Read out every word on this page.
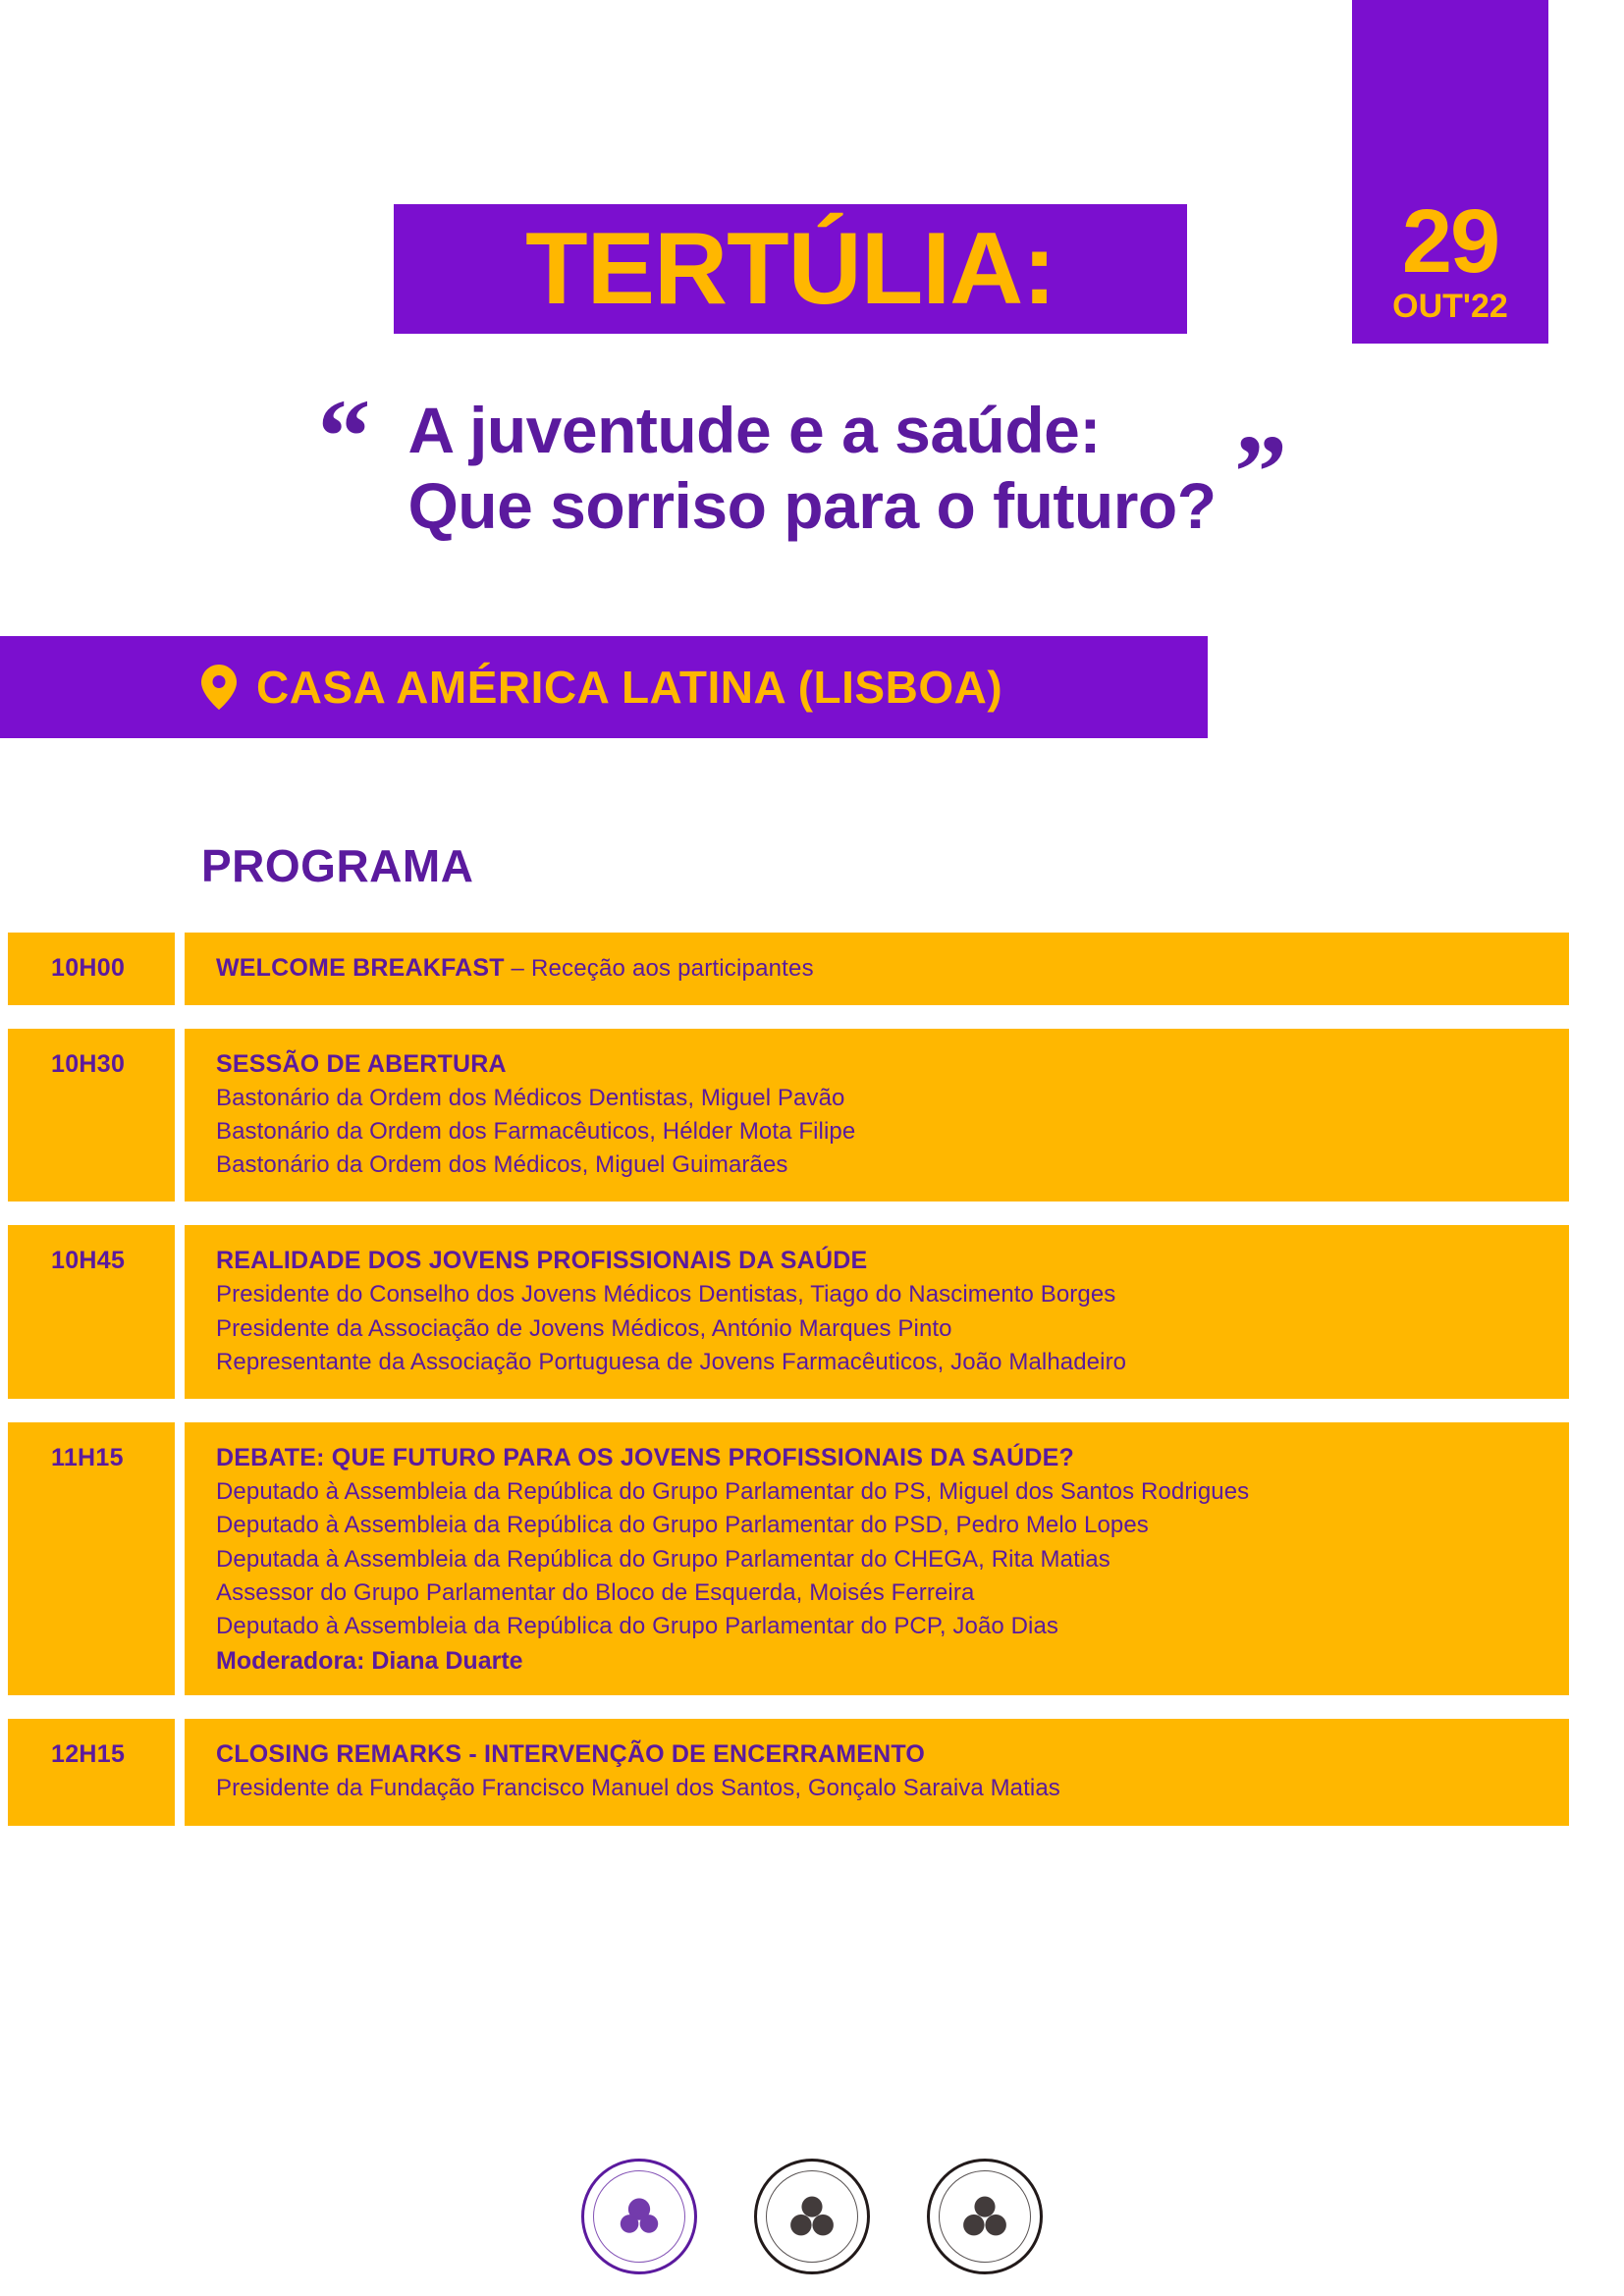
29
OUT'22
TERTÚLIA:
“ A juventude e a saúde:
Que sorriso para o futuro? ”
CASA AMÉRICA LATINA (LISBOA)
PROGRAMA
10H00	WELCOME BREAKFAST – Receção aos participantes
10H30	SESSÃO DE ABERTURA
Bastonário da Ordem dos Médicos Dentistas, Miguel Pavão
Bastonário da Ordem dos Farmacêuticos, Hélder Mota Filipe
Bastonário da Ordem dos Médicos, Miguel Guimarães
10H45	REALIDADE DOS JOVENS PROFISSIONAIS DA SAÚDE
Presidente do Conselho dos Jovens Médicos Dentistas, Tiago do Nascimento Borges
Presidente da Associação de Jovens Médicos, António Marques Pinto
Representante da Associação Portuguesa de Jovens Farmacêuticos, João Malhadeiro
11H15	DEBATE: QUE FUTURO PARA OS JOVENS PROFISSIONAIS DA SAÚDE?
Deputado à Assembleia da República do Grupo Parlamentar do PS, Miguel dos Santos Rodrigues
Deputado à Assembleia da República do Grupo Parlamentar do PSD, Pedro Melo Lopes
Deputada à Assembleia da República do Grupo Parlamentar do CHEGA, Rita Matias
Assessor do Grupo Parlamentar do Bloco de Esquerda, Moisés Ferreira
Deputado à Assembleia da República do Grupo Parlamentar do PCP, João Dias
Moderadora: Diana Duarte
12H15	CLOSING REMARKS - INTERVENÇÃO DE ENCERRAMENTO
Presidente da Fundação Francisco Manuel dos Santos, Gonçalo Saraiva Matias
